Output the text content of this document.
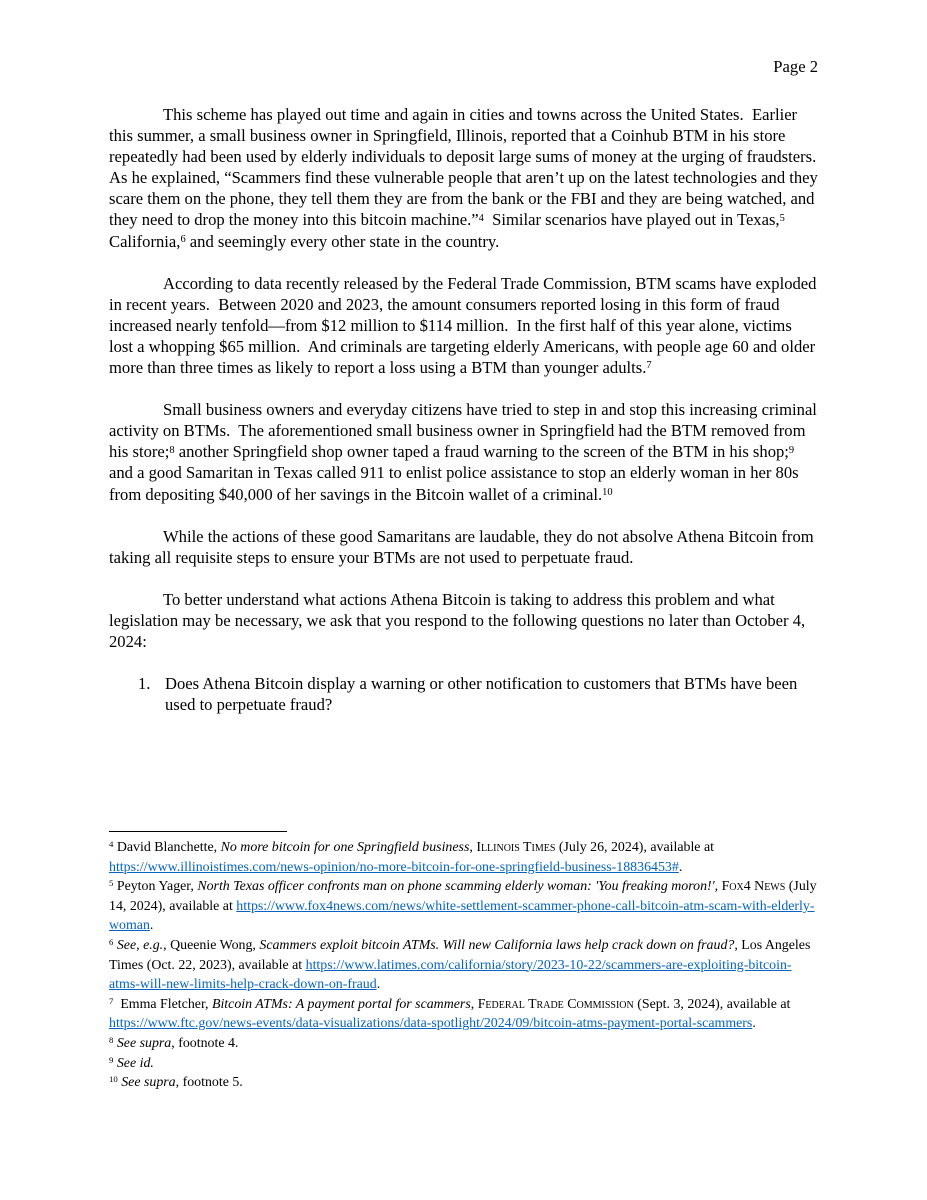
Page 2

This scheme has played out time and again in cities and towns across the United States.  Earlier this summer, a small business owner in Springfield, Illinois, reported that a Coinhub BTM in his store repeatedly had been used by elderly individuals to deposit large sums of money at the urging of fraudsters.  As he explained, “Scammers find these vulnerable people that aren’t up on the latest technologies and they scare them on the phone, they tell them they are from the bank or the FBI and they are being watched, and they need to drop the money into this bitcoin machine.”$^4$  Similar scenarios have played out in Texas,$^5$ California,$^6$ and seemingly every other state in the country.

According to data recently released by the Federal Trade Commission, BTM scams have exploded in recent years.  Between 2020 and 2023, the amount consumers reported losing in this form of fraud increased nearly tenfold—from $12 million to $114 million.  In the first half of this year alone, victims lost a whopping $65 million.  And criminals are targeting elderly Americans, with people age 60 and older more than three times as likely to report a loss using a BTM than younger adults.$^7$

Small business owners and everyday citizens have tried to step in and stop this increasing criminal activity on BTMs.  The aforementioned small business owner in Springfield had the BTM removed from his store;$^8$ another Springfield shop owner taped a fraud warning to the screen of the BTM in his shop;$^9$ and a good Samaritan in Texas called 911 to enlist police assistance to stop an elderly woman in her 80s from depositing $40,000 of her savings in the Bitcoin wallet of a criminal.$^{10}$

While the actions of these good Samaritans are laudable, they do not absolve Athena Bitcoin from taking all requisite steps to ensure your BTMs are not used to perpetuate fraud.

To better understand what actions Athena Bitcoin is taking to address this problem and what legislation may be necessary, we ask that you respond to the following questions no later than October 4, 2024:

1. Does Athena Bitcoin display a warning or other notification to customers that BTMs have been used to perpetuate fraud?
$^4$ David Blanchette, No more bitcoin for one Springfield business, Illinois Times (July 26, 2024), available at https://www.illinoistimes.com/news-opinion/no-more-bitcoin-for-one-springfield-business-18836453#.
$^5$ Peyton Yager, North Texas officer confronts man on phone scamming elderly woman: 'You freaking moron!', Fox4 News (July 14, 2024), available at https://www.fox4news.com/news/white-settlement-scammer-phone-call-bitcoin-atm-scam-with-elderly-woman.
$^6$ See, e.g., Queenie Wong, Scammers exploit bitcoin ATMs. Will new California laws help crack down on fraud?, Los Angeles Times (Oct. 22, 2023), available at https://www.latimes.com/california/story/2023-10-22/scammers-are-exploiting-bitcoin-atms-will-new-limits-help-crack-down-on-fraud.
$^7$  Emma Fletcher, Bitcoin ATMs: A payment portal for scammers, Federal Trade Commission (Sept. 3, 2024), available at https://www.ftc.gov/news-events/data-visualizations/data-spotlight/2024/09/bitcoin-atms-payment-portal-scammers.
$^8$ See supra, footnote 4.
$^9$ See id.
$^{10}$ See supra, footnote 5.
